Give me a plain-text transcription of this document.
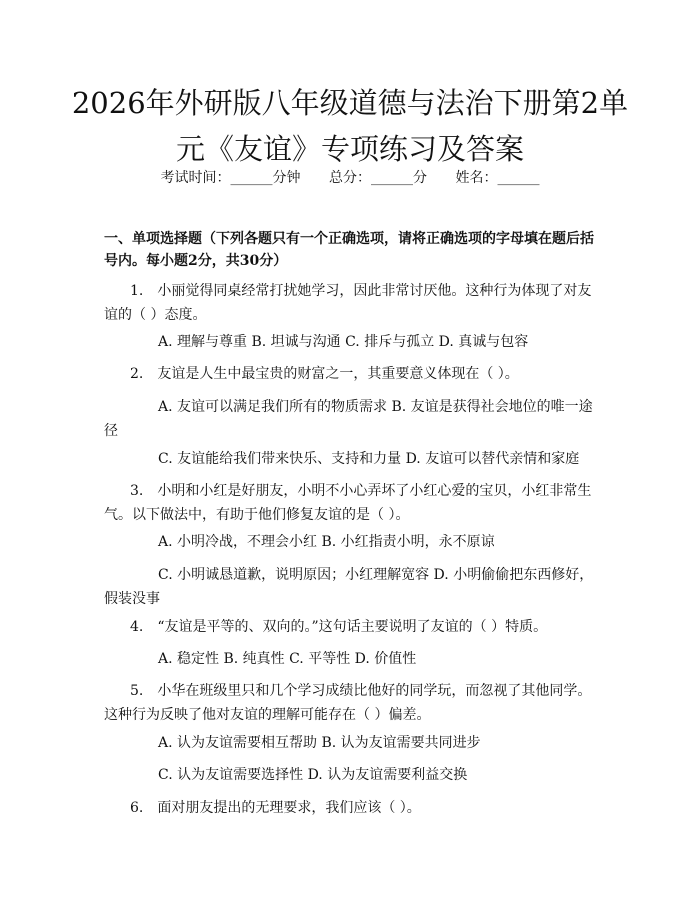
2026年外研版八年级道德与法治下册第2单元《友谊》专项练习及答案
考试时间：______分钟 总分：______分 姓名：______

一、单项选择题（下列各题只有一个正确选项，请将正确选项的字母填在题后括号内。每小题2分，共30分）

1.　小丽觉得同桌经常打扰她学习，因此非常讨厌他。这种行为体现了对友谊的（ ）态度。

A. 理解与尊重 B. 坦诚与沟通 C. 排斥与孤立 D. 真诚与包容

2.　友谊是人生中最宝贵的财富之一，其重要意义体现在（ ）。

A. 友谊可以满足我们所有的物质需求 B. 友谊是获得社会地位的唯一途径

C. 友谊能给我们带来快乐、支持和力量 D. 友谊可以替代亲情和家庭

3.　小明和小红是好朋友，小明不小心弄坏了小红心爱的宝贝，小红非常生气。以下做法中，有助于他们修复友谊的是（ ）。

A. 小明冷战，不理会小红 B. 小红指责小明，永不原谅

C. 小明诚恳道歉，说明原因；小红理解宽容 D. 小明偷偷把东西修好，假装没事

4.　“友谊是平等的、双向的。”这句话主要说明了友谊的（ ）特质。

A. 稳定性 B. 纯真性 C. 平等性 D. 价值性

5.　小华在班级里只和几个学习成绩比他好的同学玩，而忽视了其他同学。这种行为反映了他对友谊的理解可能存在（ ）偏差。

A. 认为友谊需要相互帮助 B. 认为友谊需要共同进步

C. 认为友谊需要选择性 D. 认为友谊需要利益交换

6.　面对朋友提出的无理要求，我们应该（ ）。
